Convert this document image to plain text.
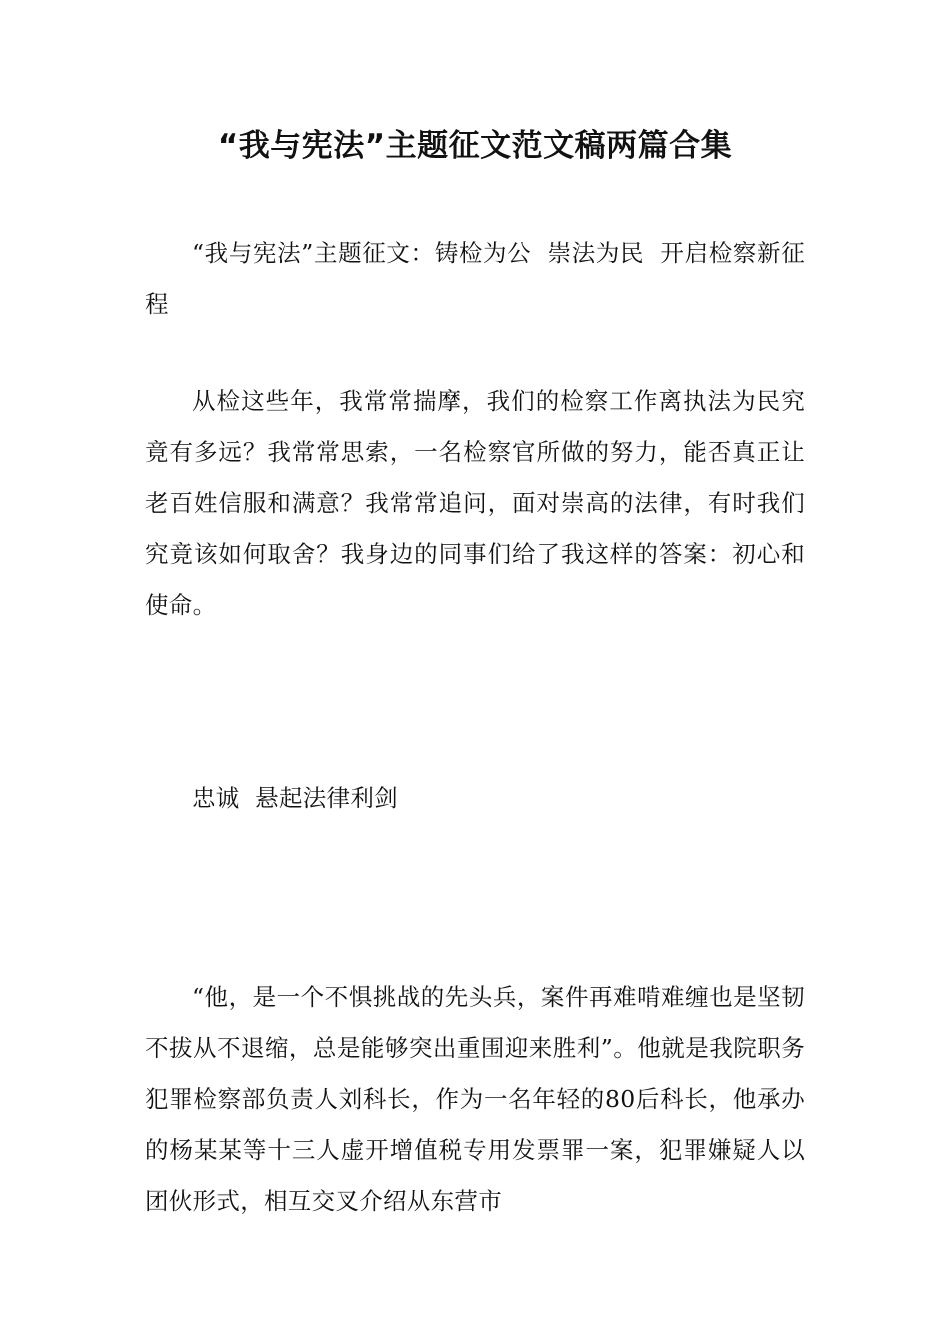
“我与宪法”主题征文范文稿两篇合集

“我与宪法”主题征文：铸检为公  崇法为民  开启检察新征程

从检这些年，我常常揣摩，我们的检察工作离执法为民究竟有多远？我常常思索，一名检察官所做的努力，能否真正让老百姓信服和满意？我常常追问，面对崇高的法律，有时我们究竟该如何取舍？我身边的同事们给了我这样的答案：初心和使命。

忠诚  悬起法律利剑

“他，是一个不惧挑战的先头兵，案件再难啃难缠也是坚韧不拔从不退缩，总是能够突出重围迎来胜利”。他就是我院职务犯罪检察部负责人刘科长，作为一名年轻的80后科长，他承办的杨某某等十三人虚开增值税专用发票罪一案，犯罪嫌疑人以团伙形式，相互交叉介绍从东营市
